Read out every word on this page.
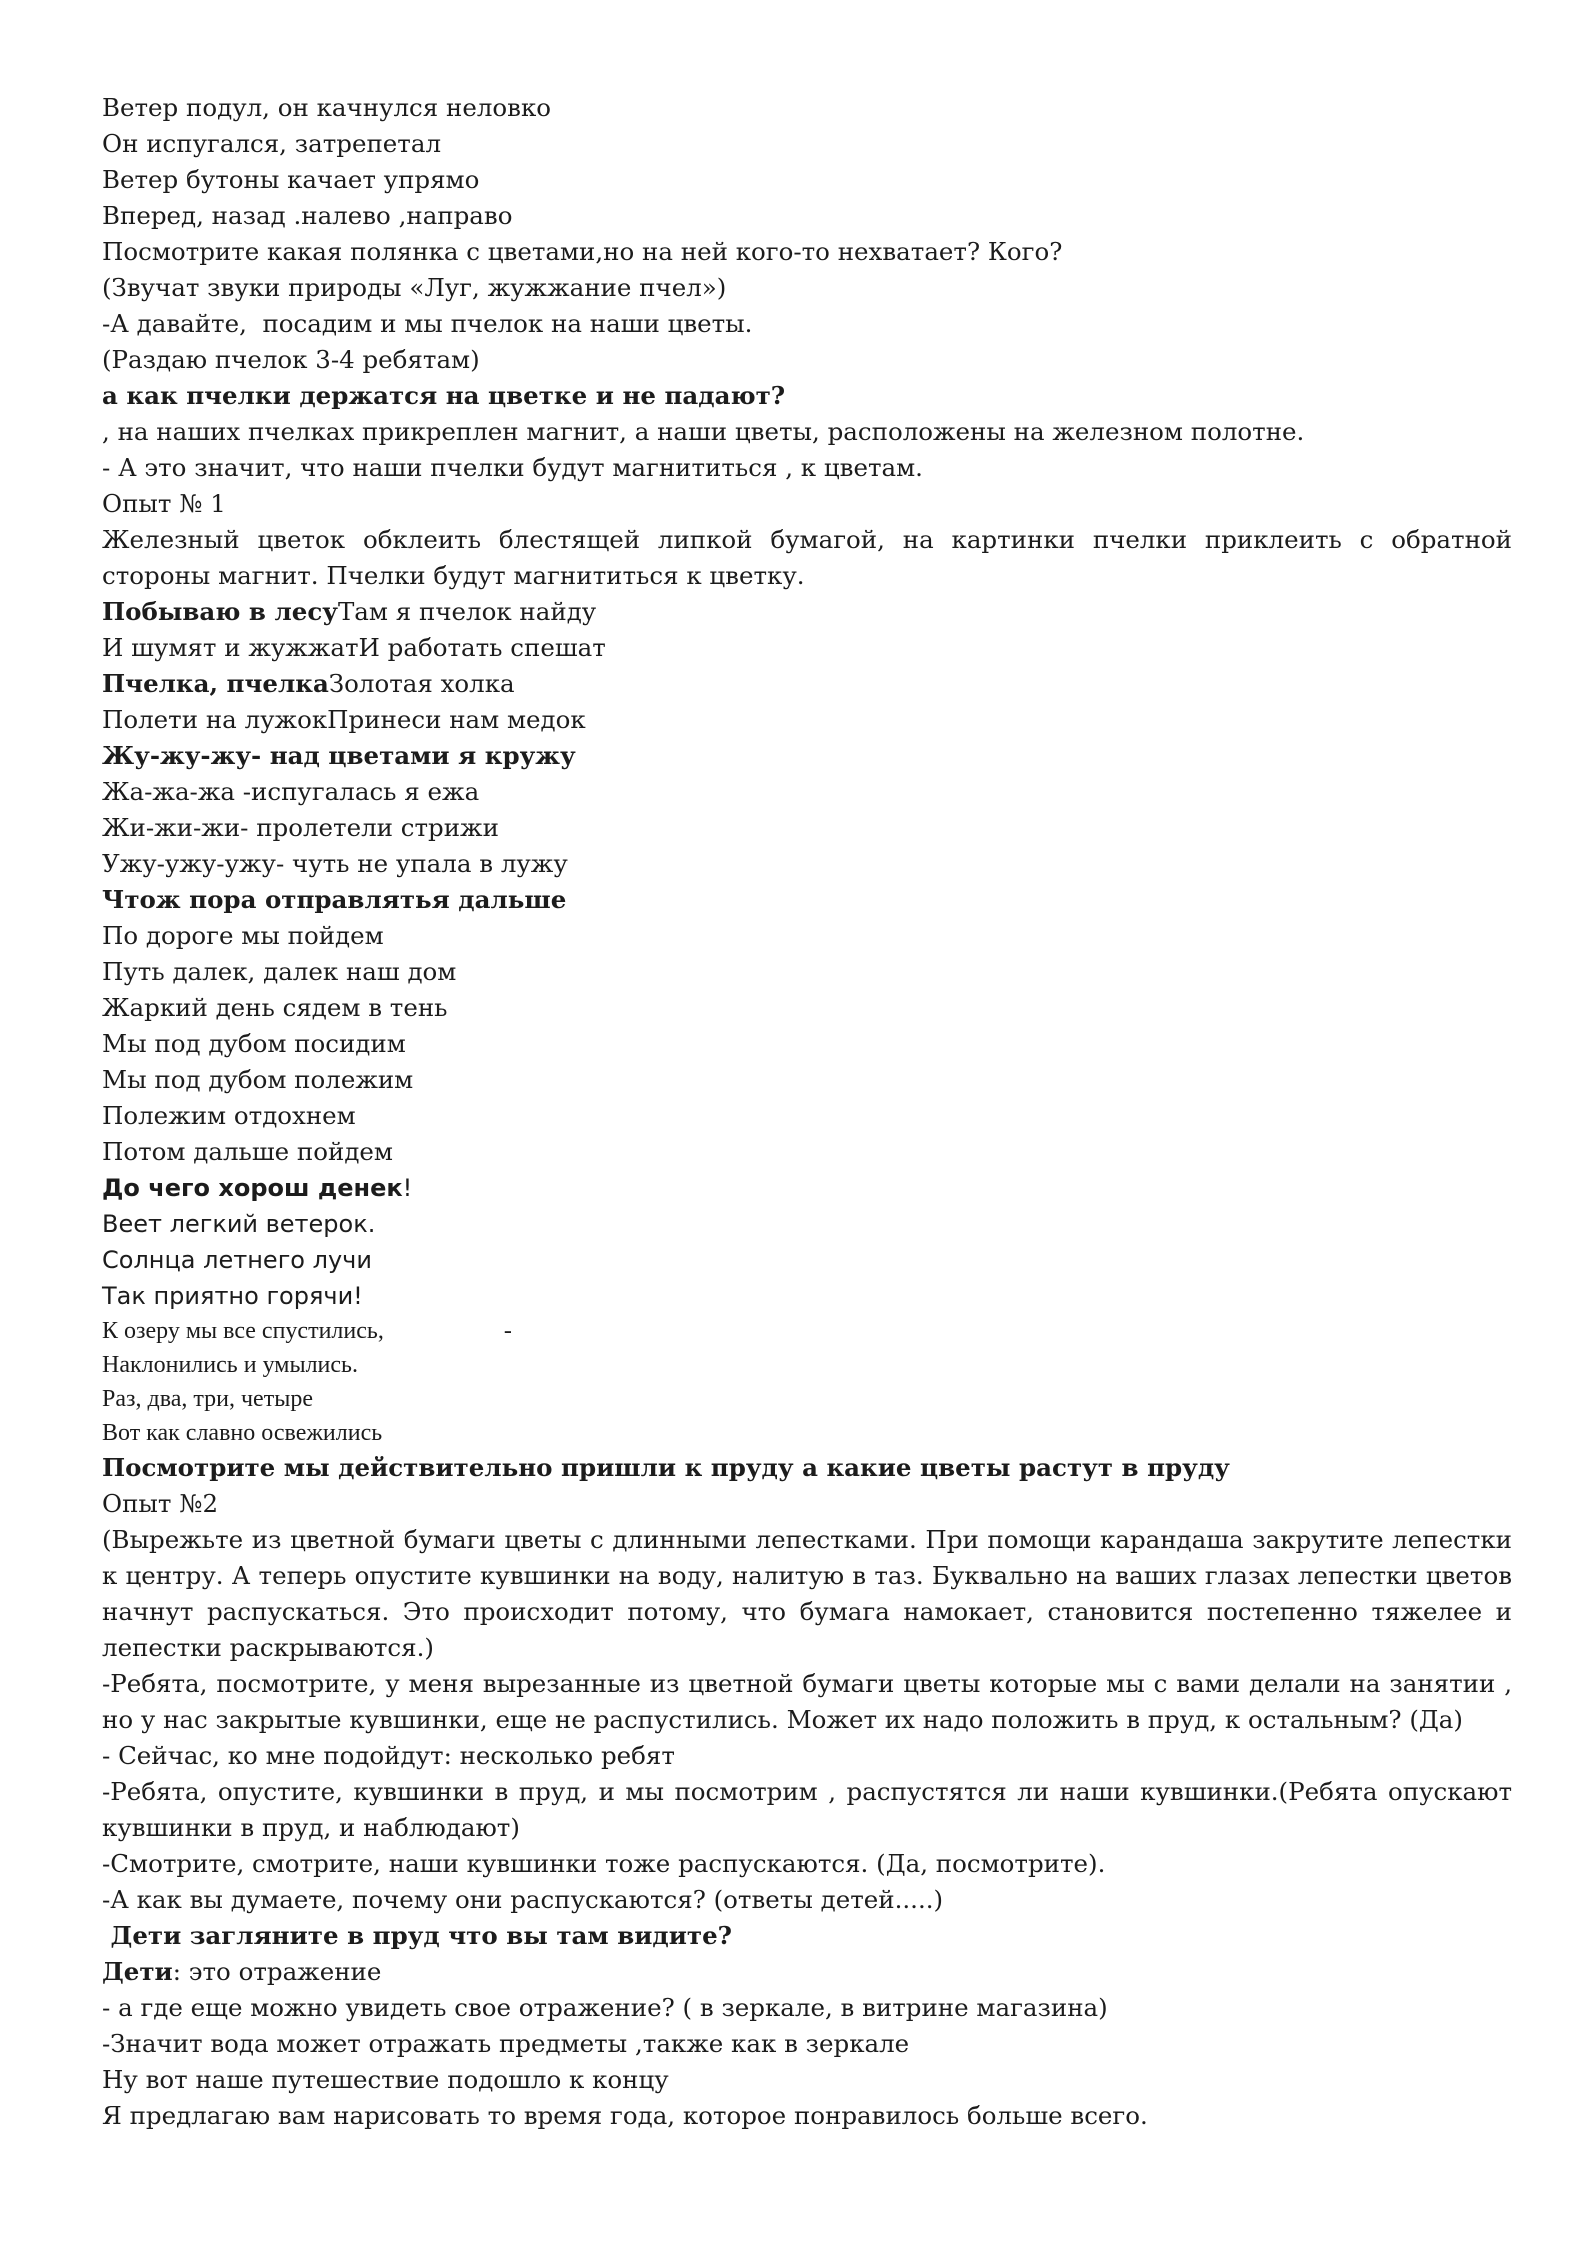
Ветер подул, он качнулся неловко
Он испугался, затрепетал
Ветер бутоны качает упрямо
Вперед, назад .налево ,направо
Посмотрите какая полянка с цветами,но на ней кого-то нехватает? Кого?
(Звучат звуки природы «Луг, жужжание пчел»)
-А давайте,  посадим и мы пчелок на наши цветы.
(Раздаю пчелок 3-4 ребятам)
а как пчелки держатся на цветке и не падают?
, на наших пчелках прикреплен магнит, а наши цветы, расположены на железном полотне.
- А это значит, что наши пчелки будут магнититься , к цветам.
Опыт № 1

Железный цветок обклеить блестящей липкой бумагой, на картинки пчелки приклеить с обратной стороны магнит. Пчелки будут магнититься к цветку.

Побываю в лесуТам я пчелок найду
И шумят и жужжатИ работать спешат
Пчелка, пчелкаЗолотая холка
Полети на лужокПринеси нам медок
Жу-жу-жу- над цветами я кружу
Жа-жа-жа -испугалась я ежа
Жи-жи-жи- пролетели стрижи
Ужу-ужу-ужу- чуть не упала в лужу
Чтож пора отправлятья дальше
По дороге мы пойдем
Путь далек, далек наш дом
Жаркий день сядем в тень
Мы под дубом посидим
Мы под дубом полежим
Полежим отдохнем
Потом дальше пойдем
До чего хорош денек!
Веет легкий ветерок.
Солнца летнего лучи
Так приятно горячи!
К озеру мы все спустились,	-
Наклонились и умылись.
Раз, два, три, четыре
Вот как славно освежились
Посмотрите мы действительно пришли к пруду а какие цветы растут в пруду
Опыт №2

(Вырежьте из цветной бумаги цветы с длинными лепестками. При помощи карандаша закрутите лепестки к центру. А теперь опустите кувшинки на воду, налитую в таз. Буквально на ваших глазах лепестки цветов начнут распускаться. Это происходит потому, что бумага намокает, становится постепенно тяжелее и лепестки раскрываются.)

-Ребята, посмотрите, у меня вырезанные из цветной бумаги цветы которые мы с вами делали на занятии , но у нас закрытые кувшинки, еще не распустились. Может их надо положить в пруд, к остальным? (Да)

- Сейчас, ко мне подойдут: несколько ребят

-Ребята, опустите, кувшинки в пруд, и мы посмотрим , распустятся ли наши кувшинки.(Ребята опускают кувшинки в пруд, и наблюдают)

-Смотрите, смотрите, наши кувшинки тоже распускаются. (Да, посмотрите).
-А как вы думаете, почему они распускаются? (ответы детей.....)
Дети загляните в пруд что вы там видите?
Дети: это отражение
- а где еще можно увидеть свое отражение? ( в зеркале, в витрине магазина)
-Значит вода может отражать предметы ,также как в зеркале
Ну вот наше путешествие подошло к концу
Я предлагаю вам нарисовать то время года, которое понравилось больше всего.
